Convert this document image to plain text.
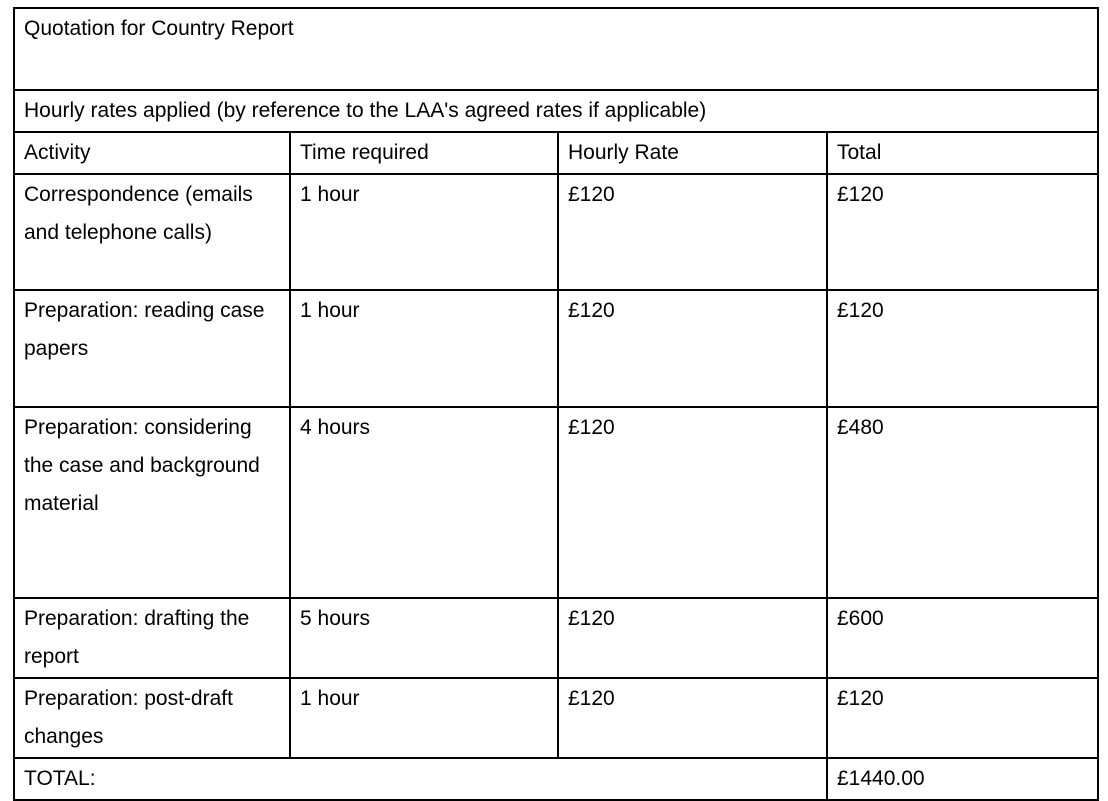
Quotation for Country Report			
Hourly rates applied (by reference to the LAA's agreed rates if applicable)			
Activity	Time required	Hourly Rate	Total
Correspondence (emails and telephone calls)	1 hour	£120	£120
Preparation: reading case papers	1 hour	£120	£120
Preparation: considering the case and background material	4 hours	£120	£480
Preparation: drafting the report	5 hours	£120	£600
Preparation: post-draft changes	1 hour	£120	£120
TOTAL:			£1440.00
